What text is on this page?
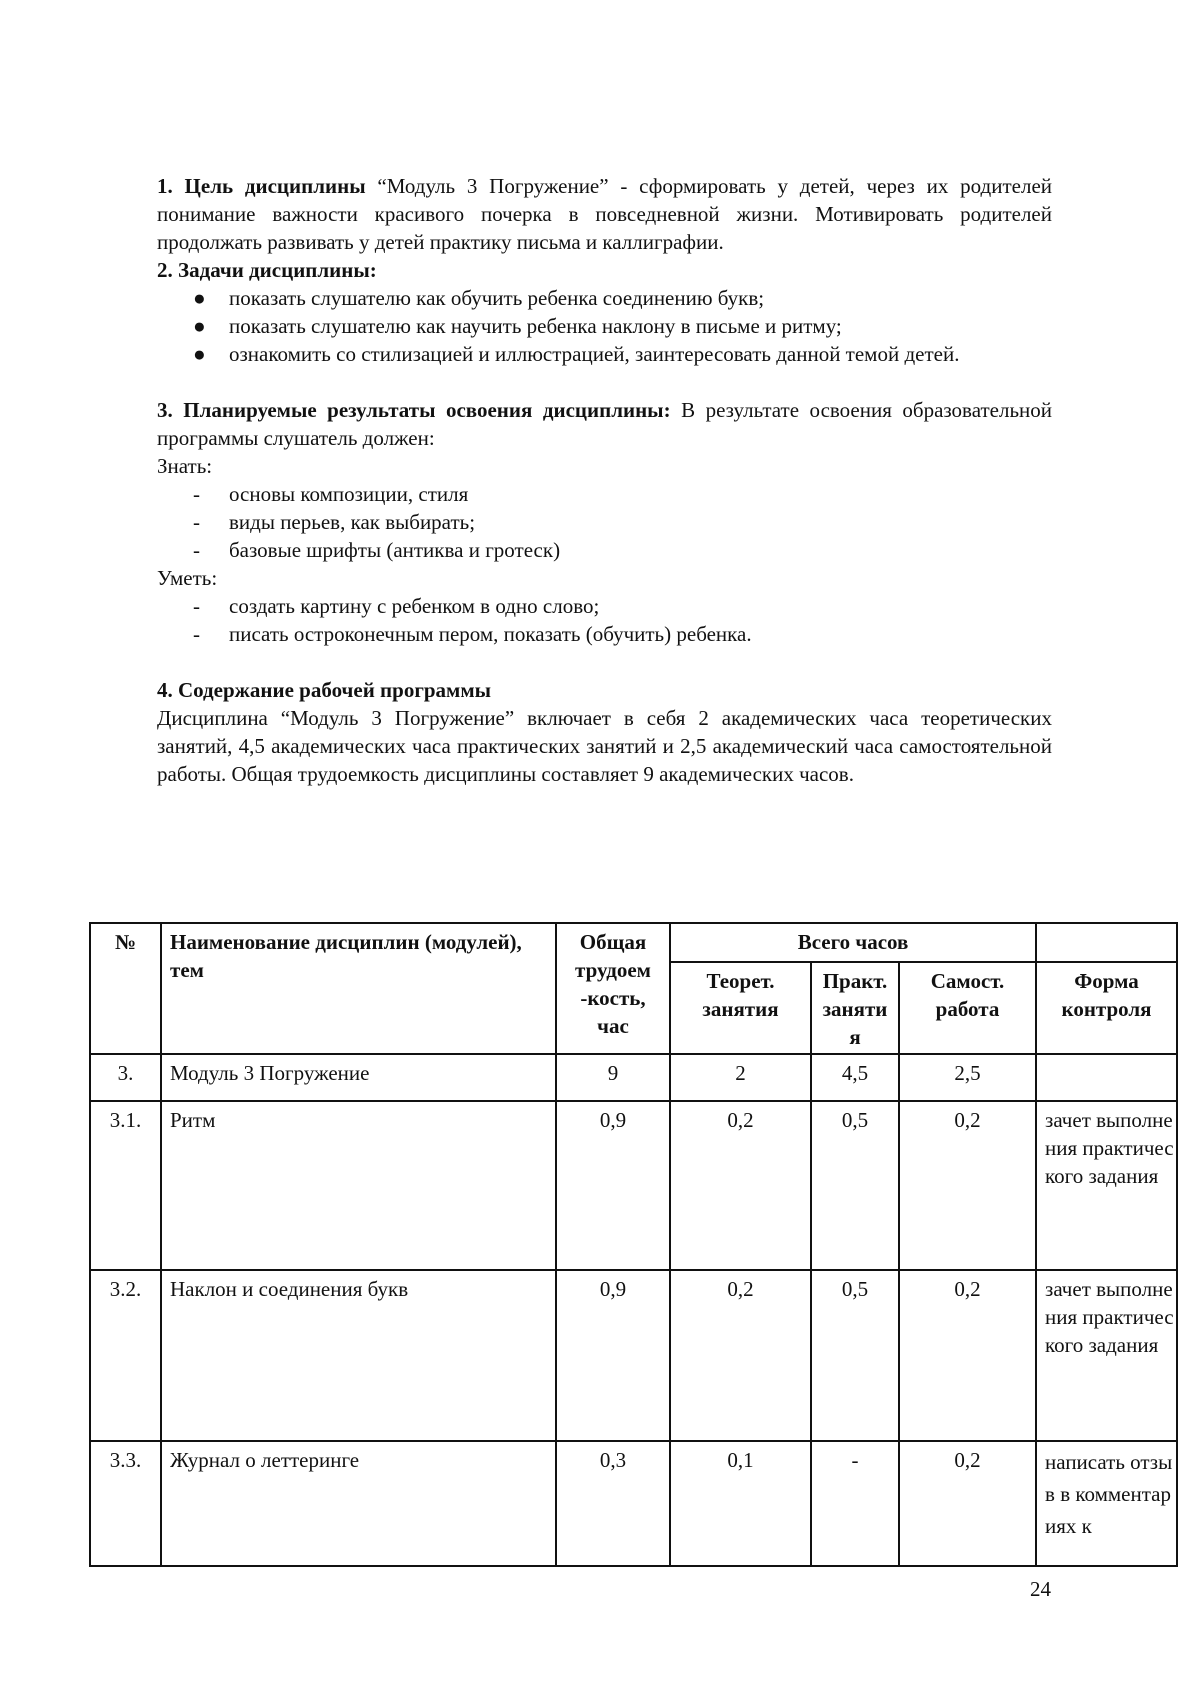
1. Цель дисциплины “Модуль 3 Погружение” - сформировать у детей, через их родителей понимание важности красивого почерка в повседневной жизни. Мотивировать родителей продолжать развивать у детей практику письма и каллиграфии.

2. Задачи дисциплины:

●	показать слушателю как обучить ребенка соединению букв;
●	показать слушателю как научить ребенка наклону в письме и ритму;
●	ознакомить со стилизацией и иллюстрацией, заинтересовать данной темой детей.

3. Планируемые результаты освоения дисциплины: В результате освоения образовательной программы слушатель должен:

Знать:

-	основы композиции, стиля
-	виды перьев, как выбирать;
-	базовые шрифты (антиква и гротеск)

Уметь:

-	создать картину с ребенком в одно слово;
-	писать остроконечным пером, показать (обучить) ребенка.

4. Содержание рабочей программы

Дисциплина “Модуль 3 Погружение” включает в себя 2 академических часа теоретических занятий, 4,5 академических часа практических занятий и 2,5 академический часа самостоятельной работы. Общая трудоемкость дисциплины составляет 9 академических часов.

№	Наименование дисциплин (модулей), тем	Общая трудоем -кость, час	Всего часов			
			Теорет. занятия	Практ. заняти я	Самост. работа	Форма контроля
3.	Модуль 3 Погружение	9	2	4,5	2,5	
3.1.	Ритм	0,9	0,2	0,5	0,2	зачет выполнения практического задания
3.2.	Наклон и соединения букв	0,9	0,2	0,5	0,2	зачет выполнения практического задания
3.3.	Журнал о леттеринге	0,3	0,1	-	0,2	написать отзыв в комментариях к
24
